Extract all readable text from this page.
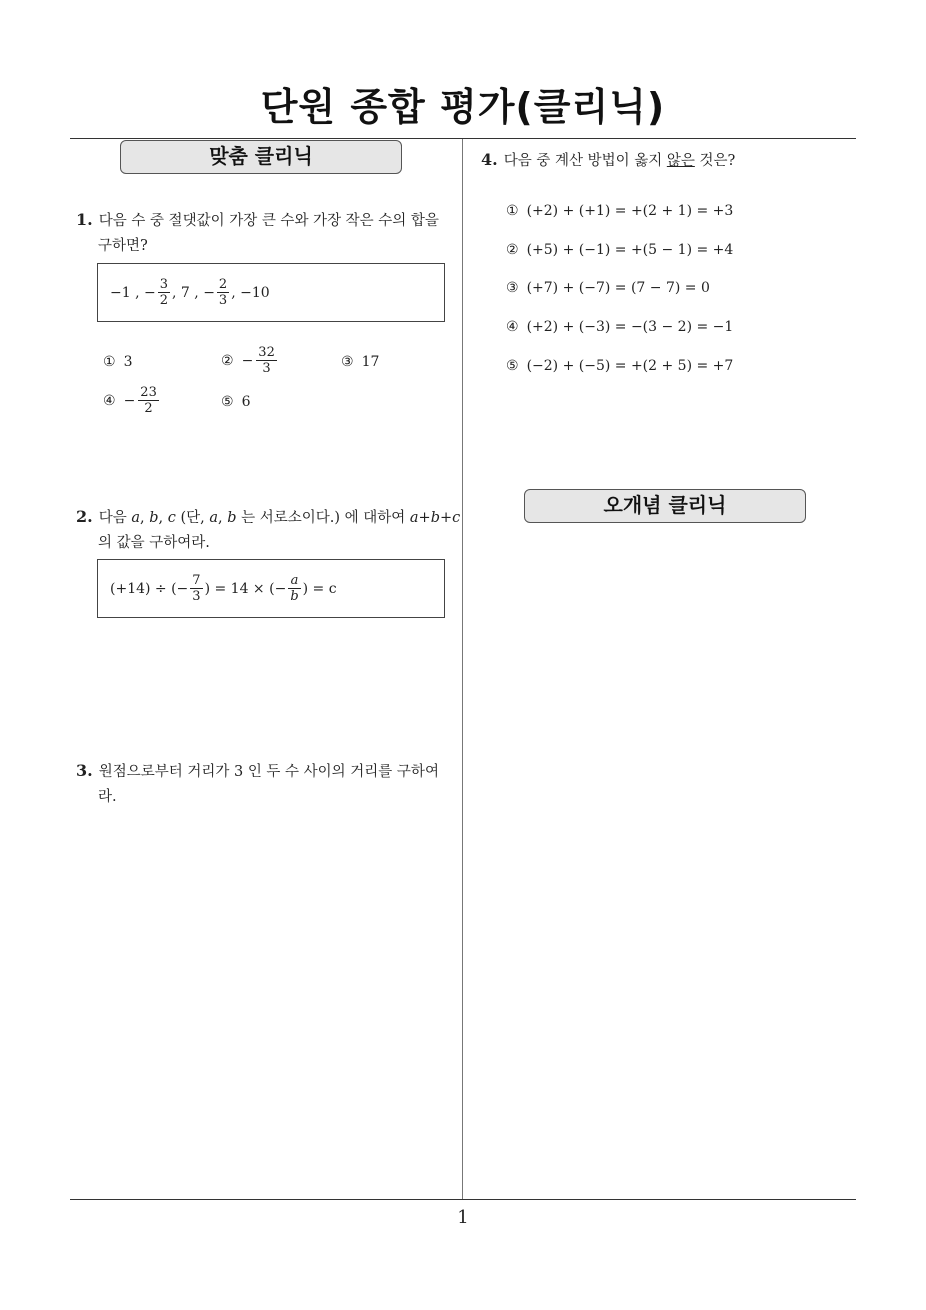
단원 종합 평가(클리닉)
맞춤 클리닉
1. 다음 수 중 절댓값이 가장 큰 수와 가장 작은 수의 합을
구하면?
−1 ,
− $\frac{3}{2}$ , 7 ,
− $\frac{2}{3}$ , −10
① 3	② − $\frac{32}{3}$	③ 17
④ − $\frac{23}{2}$	⑤ 6
2. 다음 a, b, c (단, a, b 는 서로소이다.) 에 대하여 a+b+c
의 값을 구하여라.
(+14) ÷ (− $\frac{7}{3}$ ) = 14 × (− $\frac{a}{b}$ ) = c
3. 원점으로부터 거리가 3 인 두 수 사이의 거리를 구하여
라.
4. 다음 중 계산 방법이 옳지 않은 것은?
① (+2) + (+1) = +(2 + 1) = +3
② (+5) + (−1) = +(5 − 1) = +4
③ (+7) + (−7) = (7 − 7) = 0
④ (+2) + (−3) = −(3 − 2) = −1
⑤ (−2) + (−5) = +(2 + 5) = +7
오개념 클리닉
1
